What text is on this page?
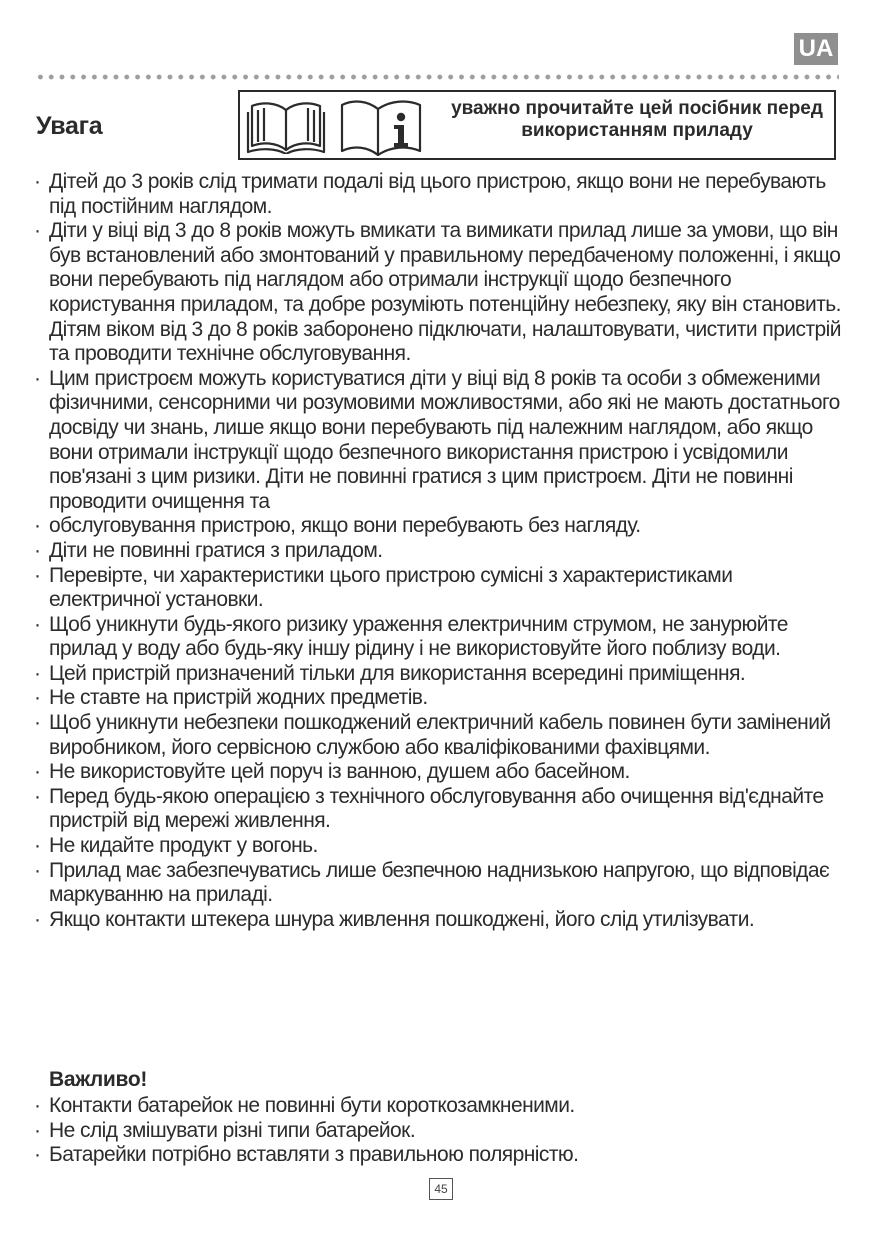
UA
Увага
уважно прочитайте цей посібник перед використанням приладу
· Дітей до 3 років слід тримати подалі від цього пристрою, якщо вони не перебувають під постійним наглядом.
· Діти у віці від 3 до 8 років можуть вмикати та вимикати прилад лише за умови, що він був встановлений або змонтований у правильному передбаченому положенні, і якщо вони перебувають під наглядом або отримали інструкції щодо безпечного користування приладом, та добре розуміють потенційну небезпеку, яку він становить. Дітям віком від 3 до 8 років заборонено підключати, налаштовувати, чистити пристрій та проводити технічне обслуговування.
· Цим пристроєм можуть користуватися діти у віці від 8 років та особи з обмеженими фізичними, сенсорними чи розумовими можливостями, або які не мають достатнього досвіду чи знань, лише якщо вони перебувають під належним наглядом, або якщо вони отримали інструкції щодо безпечного використання пристрою і усвідомили пов'язані з цим ризики. Діти не повинні гратися з цим пристроєм. Діти не повинні проводити очищення та
· обслуговування пристрою, якщо вони перебувають без нагляду.
· Діти не повинні гратися з приладом.
· Перевірте, чи характеристики цього пристрою сумісні з характеристиками електричної установки.
· Щоб уникнути будь-якого ризику ураження електричним струмом, не занурюйте прилад у воду або будь-яку іншу рідину і не використовуйте його поблизу води.
· Цей пристрій призначений тільки для використання всередині приміщення.
· Не ставте на пристрій жодних предметів.
· Щоб уникнути небезпеки пошкоджений електричний кабель повинен бути замінений виробником, його сервісною службою або кваліфікованими фахівцями.
· Не використовуйте цей поруч із ванною, душем або басейном.
· Перед будь-якою операцією з технічного обслуговування або очищення від'єднайте пристрій від мережі живлення.
· Не кидайте продукт у вогонь.
· Прилад має забезпечуватись лише безпечною наднизькою напругою, що відповідає маркуванню на приладі.
· Якщо контакти штекера шнура живлення пошкоджені, його слід утилізувати.
Важливо!
· Контакти батарейок не повинні бути короткозамкненими.
· Не слід змішувати різні типи батарейок.
· Батарейки потрібно вставляти з правильною полярністю.
45
